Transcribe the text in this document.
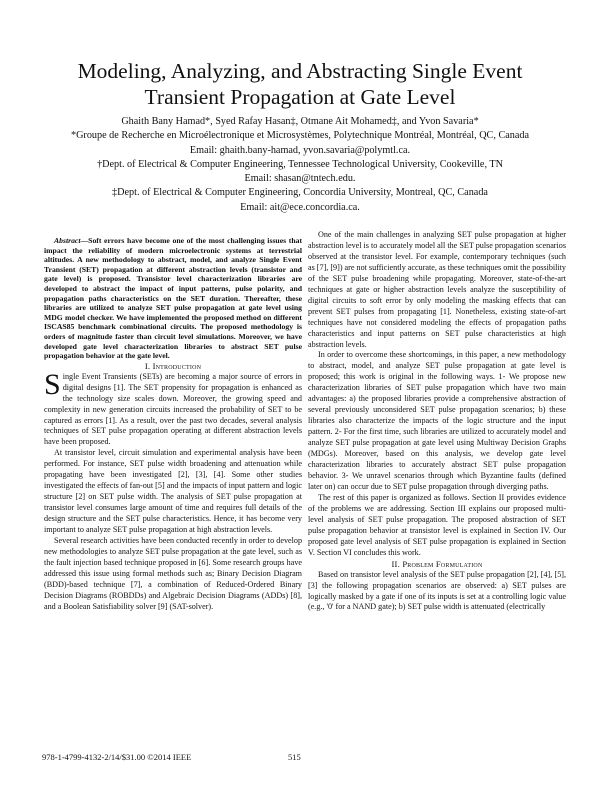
Modeling, Analyzing, and Abstracting Single Event
Transient Propagation at Gate Level
Ghaith Bany Hamad*, Syed Rafay Hasan‡, Otmane Ait Mohamed‡, and Yvon Savaria*
*Groupe de Recherche en Microélectronique et Microsystèmes, Polytechnique Montréal, Montréal, QC, Canada
Email: ghaith.bany-hamad, yvon.savaria@polymtl.ca.
†Dept. of Electrical & Computer Engineering, Tennessee Technological University, Cookeville, TN
Email: shasan@tntech.edu.
‡Dept. of Electrical & Computer Engineering, Concordia University, Montreal, QC, Canada
Email: ait@ece.concordia.ca.

Abstract—Soft errors have become one of the most challenging issues that impact the reliability of modern microelectronic systems at terrestrial altitudes. A new methodology to abstract, model, and analyze Single Event Transient (SET) propagation at different abstraction levels (transistor and gate level) is proposed. Transistor level characterization libraries are developed to abstract the impact of input patterns, pulse polarity, and propagation paths characteristics on the SET duration. Thereafter, these libraries are utilized to analyze SET pulse propagation at gate level using MDG model checker. We have implemented the proposed method on different ISCAS85 benchmark combinational circuits. The proposed methodology is orders of magnitude faster than circuit level simulations. Moreover, we have developed gate level characterization libraries to abstract SET pulse propagation behavior at the gate level.

I. Introduction

Single Event Transients (SETs) are becoming a major source of errors in digital designs [1]. The SET propensity for propagation is enhanced as the technology size scales down. Moreover, the growing speed and complexity in new generation circuits increased the probability of SET to be captured as errors [1]. As a result, over the past two decades, several analysis techniques of SET pulse propagation operating at different abstraction levels have been proposed.

At transistor level, circuit simulation and experimental analysis have been performed. For instance, SET pulse width broadening and attenuation while propagating have been investigated [2], [3], [4]. Some other studies investigated the effects of fan-out [5] and the impacts of input pattern and logic structure [2] on SET pulse width. The analysis of SET pulse propagation at transistor level consumes large amount of time and requires full details of the design structure and the SET pulse characteristics. Hence, it has become very important to analyze SET pulse propagation at high abstraction levels.

Several research activities have been conducted recently in order to develop new methodologies to analyze SET pulse propagation at the gate level, such as the fault injection based technique proposed in [6]. Some research groups have addressed this issue using formal methods such as; Binary Decision Diagram (BDD)-based technique [7], a combination of Reduced-Ordered Binary Decision Diagrams (ROBDDs) and Algebraic Decision Diagrams (ADDs) [8], and a Boolean Satisfiability solver [9] (SAT-solver).

One of the main challenges in analyzing SET pulse propagation at higher abstraction level is to accurately model all the SET pulse propagation scenarios observed at the transistor level. For example, contemporary techniques (such as [7], [9]) are not sufficiently accurate, as these techniques omit the possibility of the SET pulse broadening while propagating. Moreover, state-of-the-art techniques at gate or higher abstraction levels analyze the susceptibility of digital circuits to soft error by only modeling the masking effects that can prevent SET pulses from propagating [1]. Nonetheless, existing state-of-art techniques have not considered modeling the effects of propagation paths characteristics and input patterns on SET pulse characteristics at high abstraction levels.

In order to overcome these shortcomings, in this paper, a new methodology to abstract, model, and analyze SET pulse propagation at gate level is proposed; this work is original in the following ways. 1- We propose new characterization libraries of SET pulse propagation which have two main advantages: a) the proposed libraries provide a comprehensive abstraction of several previously unconsidered SET pulse propagation scenarios; b) these libraries also characterize the impacts of the logic structure and the input pattern. 2- For the first time, such libraries are utilized to accurately model and analyze SET pulse propagation at gate level using Multiway Decision Graphs (MDGs). Moreover, based on this analysis, we develop gate level characterization libraries to accurately abstract SET pulse propagation behavior. 3- We unravel scenarios through which Byzantine faults (defined later on) can occur due to SET pulse propagation through diverging paths.

The rest of this paper is organized as follows. Section II provides evidence of the problems we are addressing. Section III explains our proposed multi-level analysis of SET pulse propagation. The proposed abstraction of SET pulse propagation behavior at transistor level is explained in Section IV. Our proposed gate level analysis of SET pulse propagation is explained in Section V. Section VI concludes this work.

II. Problem Formulation

Based on transistor level analysis of the SET pulse propagation [2], [4], [5], [3] the following propagation scenarios are observed: a) SET pulses are logically masked by a gate if one of its inputs is set at a controlling logic value (e.g., '0' for a NAND gate); b) SET pulse width is attenuated (electrically

978-1-4799-4132-2/14/$31.00 ©2014 IEEE	515
